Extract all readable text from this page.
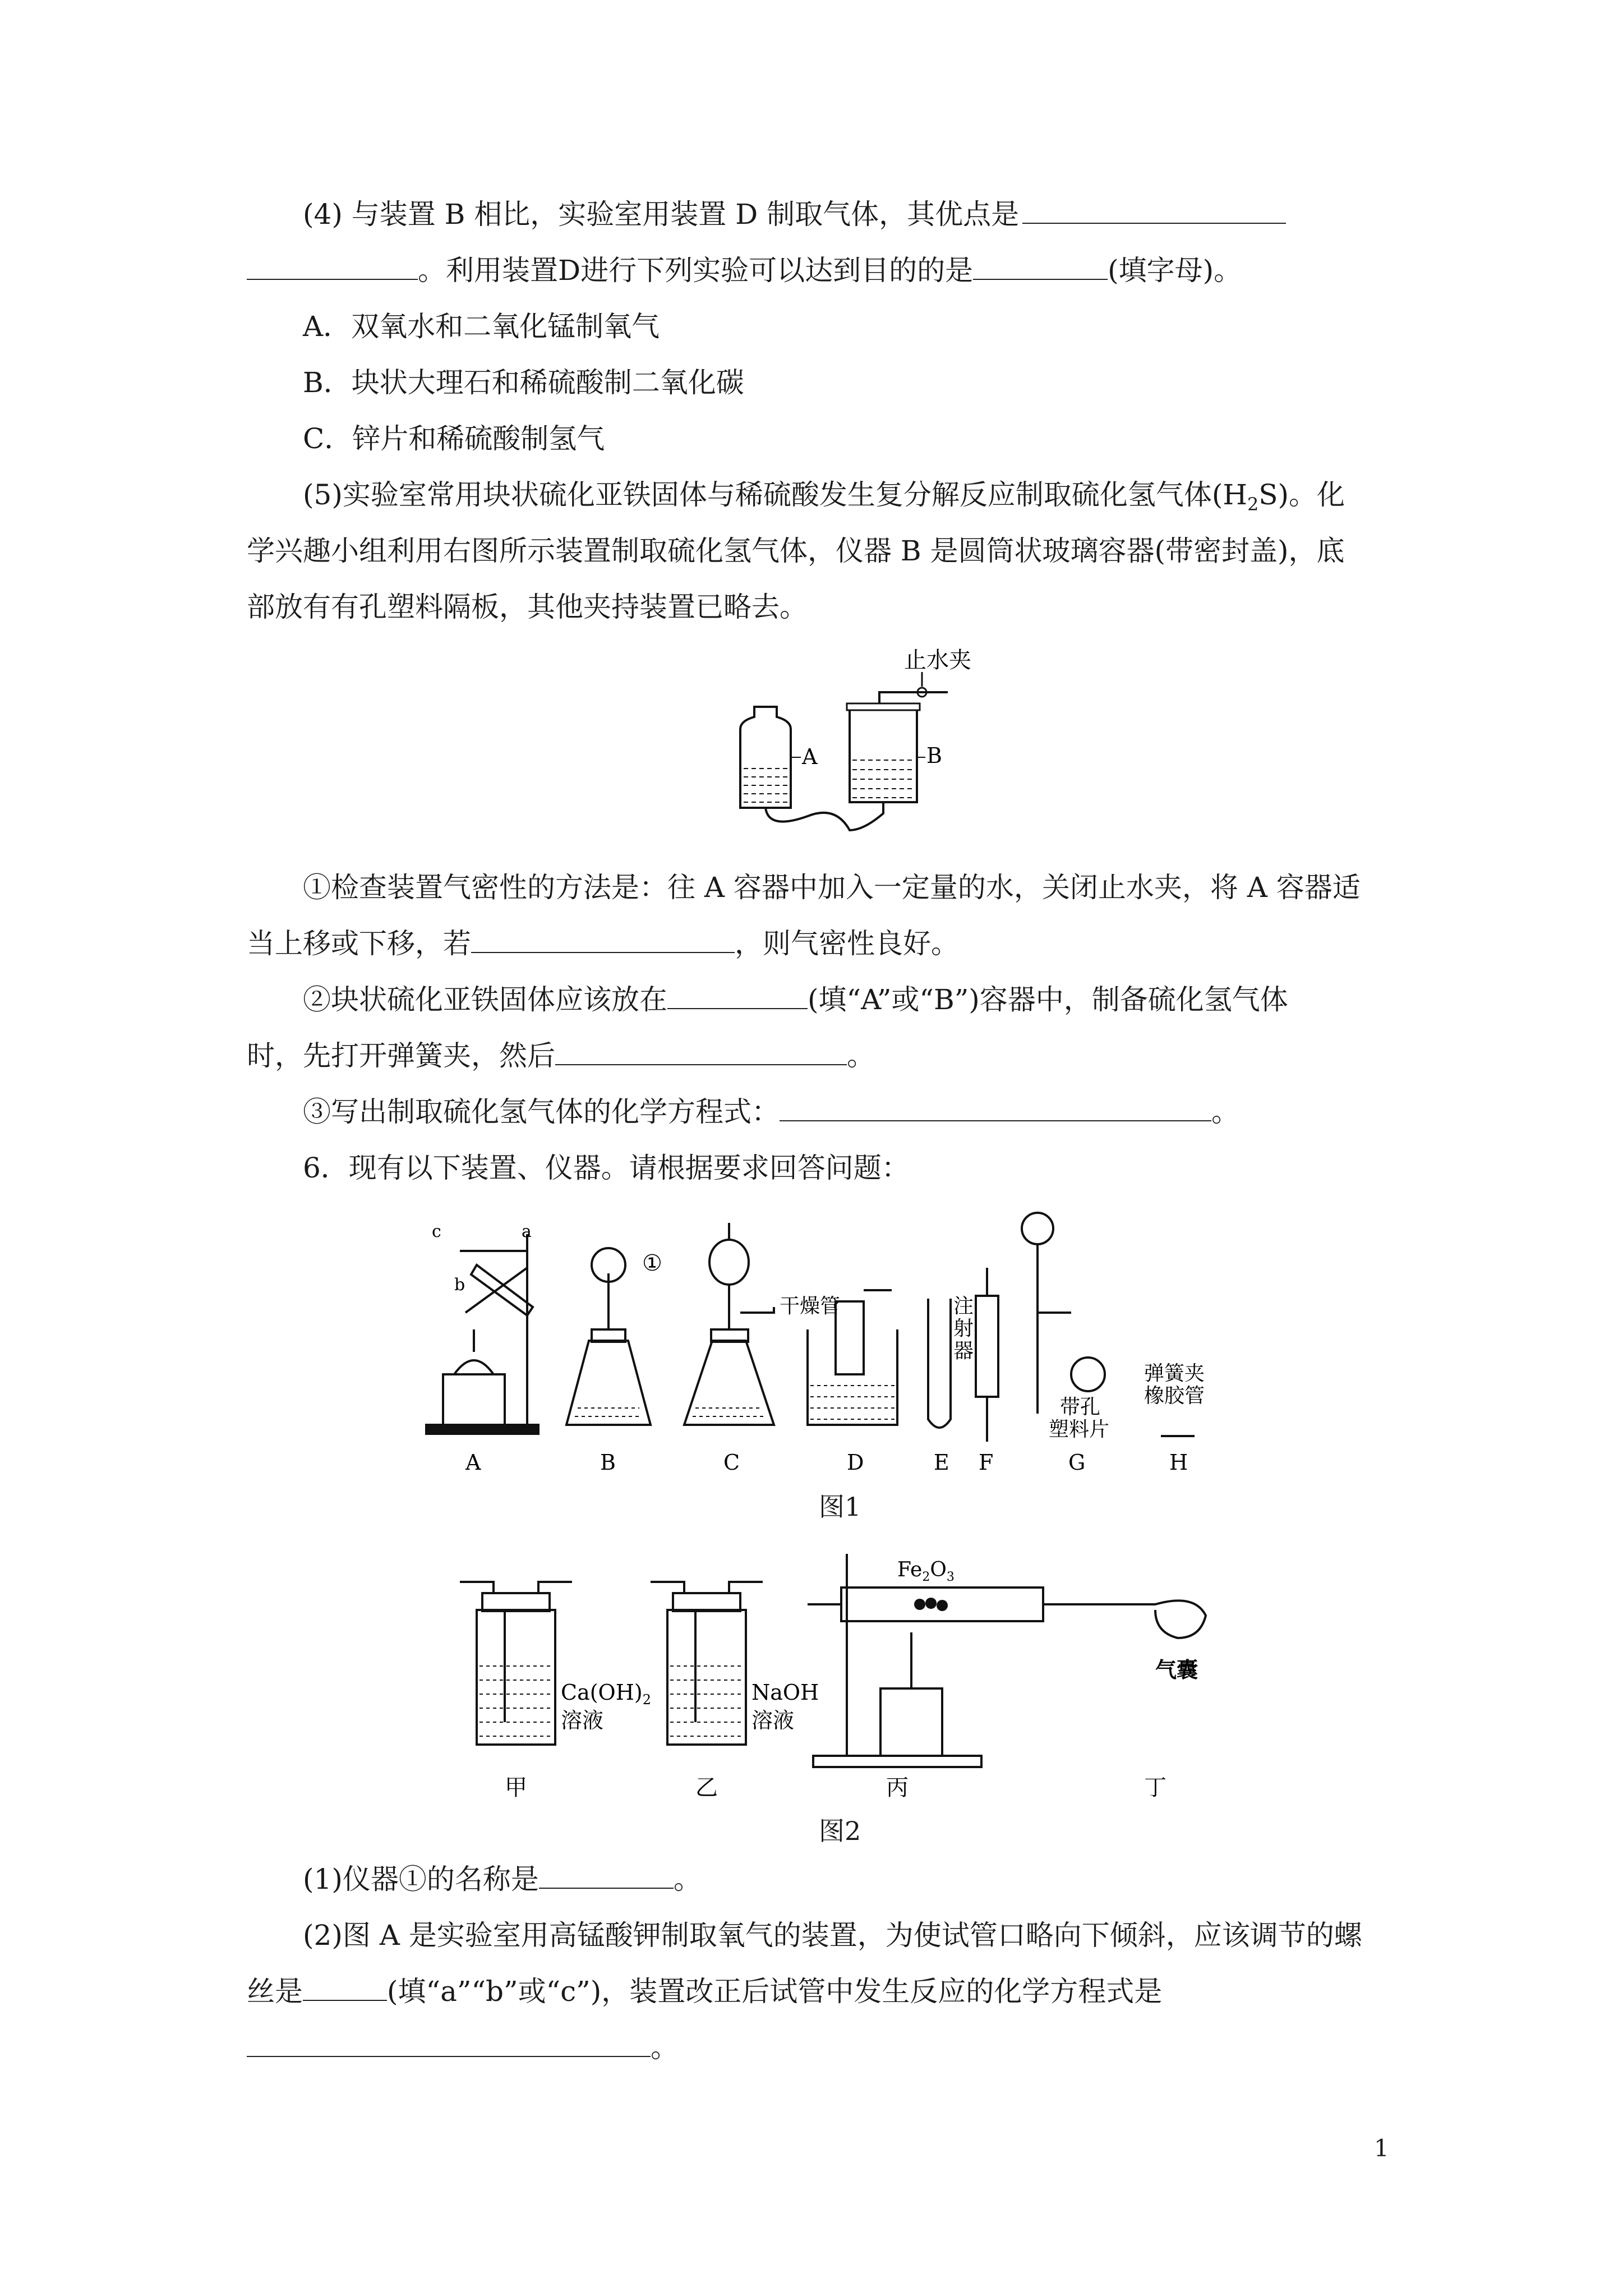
(4) 与装置 B 相比，实验室用装置 D 制取气体，其优点是
。利用装置D进行下列实验可以达到目的的是	(填字母)。
A．双氧水和二氧化锰制氧气
B．块状大理石和稀硫酸制二氧化碳
C．锌片和稀硫酸制氢气
(5)实验室常用块状硫化亚铁固体与稀硫酸发生复分解反应制取硫化氢气体$(H_2S)$。化
学兴趣小组利用右图所示装置制取硫化氢气体，仪器 B 是圆筒状玻璃容器(带密封盖)，底
部放有有孔塑料隔板，其他夹持装置已略去。
止水夹
A	B
①检查装置气密性的方法是：往 A 容器中加入一定量的水，关闭止水夹，将 A 容器适
当上移或下移，若	，则气密性良好。
②块状硫化亚铁固体应该放在	(填“A”或“B”)容器中，制备硫化氢气体
时，先打开弹簧夹，然后	。
③写出制取硫化氢气体的化学方程式：	。
6．现有以下装置、仪器。请根据要求回答问题：
c	a
b
①
干燥管	注
射
器
带孔
塑料片
弹簧夹
橡胶管
A	B	C	D	E F	G	H
图1
$Ca(OH)_2$
溶液
NaOH
溶液
$Fe_2O_3$
气囊
甲	乙	丙	丁
图2
(1)仪器①的名称是	。
(2)图 A 是实验室用高锰酸钾制取氧气的装置，为使试管口略向下倾斜，应该调节的螺
丝是	(填“a”“b”或“c”)，装置改正后试管中发生反应的化学方程式是
。
1
